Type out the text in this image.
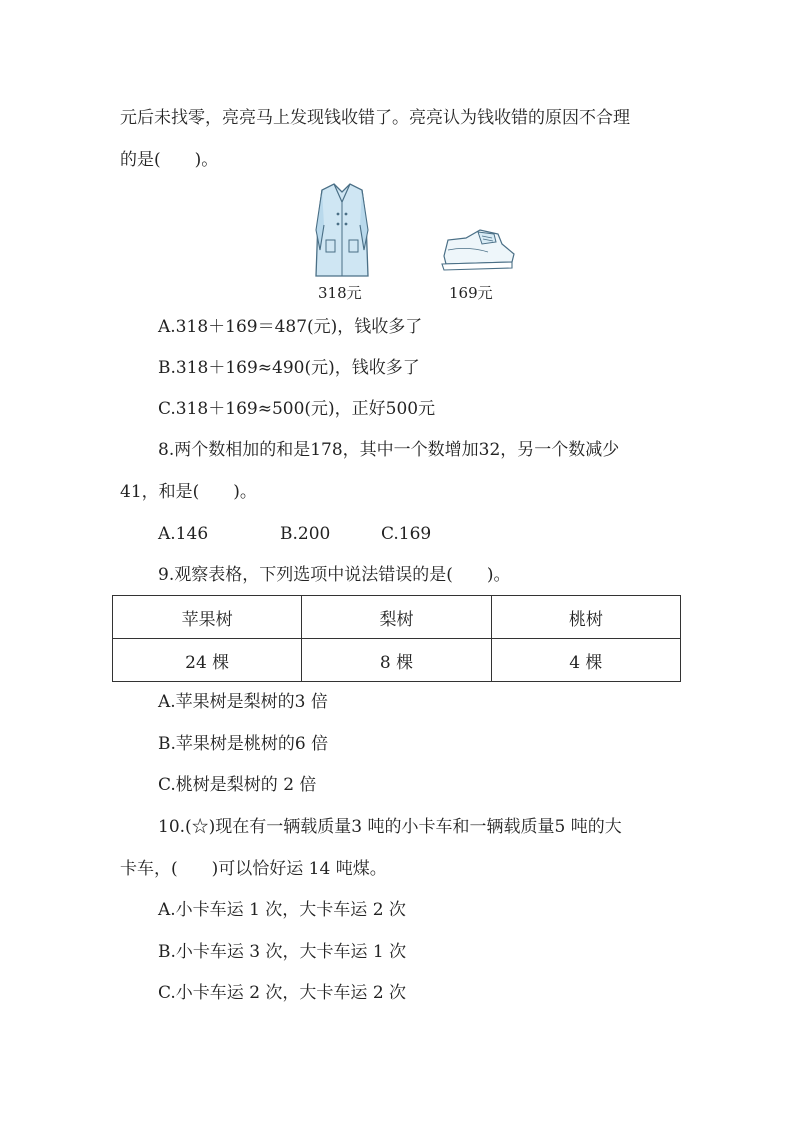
元后未找零，亮亮马上发现钱收错了。亮亮认为钱收错的原因不合理
的是(　　)。
318元	169元
A.318＋169＝487(元)，钱收多了
B.318＋169≈490(元)，钱收多了
C.318＋169≈500(元)，正好500元
8.两个数相加的和是178，其中一个数增加32，另一个数减少
41，和是(　　)。
A.146	B.200	C.169
9.观察表格，下列选项中说法错误的是(　　)。
苹果树	梨树	桃树
24 棵	8 棵	4 棵
A.苹果树是梨树的3 倍
B.苹果树是桃树的6 倍
C.桃树是梨树的 2 倍
10.(☆)现在有一辆载质量3 吨的小卡车和一辆载质量5 吨的大
卡车，(　　)可以恰好运 14 吨煤。
A.小卡车运 1 次，大卡车运 2 次
B.小卡车运 3 次，大卡车运 1 次
C.小卡车运 2 次，大卡车运 2 次
